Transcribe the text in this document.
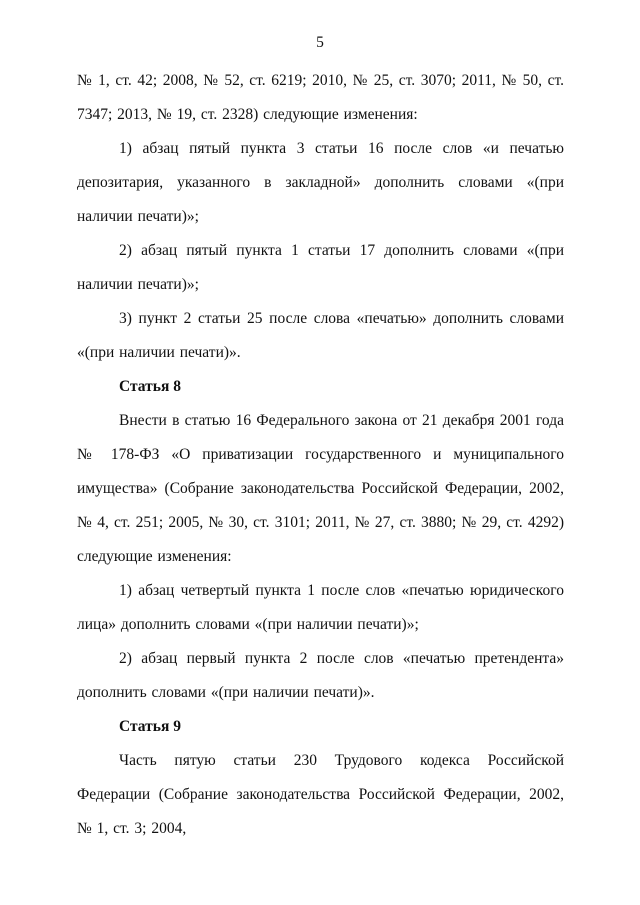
5

№ 1, ст. 42; 2008, № 52, ст. 6219; 2010, № 25, ст. 3070; 2011, № 50, ст. 7347; 2013, № 19, ст. 2328) следующие изменения:

1) абзац пятый пункта 3 статьи 16 после слов «и печатью депозитария, указанного в закладной» дополнить словами «(при наличии печати)»;

2) абзац пятый пункта 1 статьи 17 дополнить словами «(при наличии печати)»;

3) пункт 2 статьи 25 после слова «печатью» дополнить словами «(при наличии печати)».

Статья 8

Внести в статью 16 Федерального закона от 21 декабря 2001 года № 178-ФЗ «О приватизации государственного и муниципального имущества» (Собрание законодательства Российской Федерации, 2002, № 4, ст. 251; 2005, № 30, ст. 3101; 2011, № 27, ст. 3880; № 29, ст. 4292) следующие изменения:

1) абзац четвертый пункта 1 после слов «печатью юридического лица» дополнить словами «(при наличии печати)»;

2) абзац первый пункта 2 после слов «печатью претендента» дополнить словами «(при наличии печати)».

Статья 9

Часть пятую статьи 230 Трудового кодекса Российской Федерации (Собрание законодательства Российской Федерации, 2002, № 1, ст. 3; 2004,
